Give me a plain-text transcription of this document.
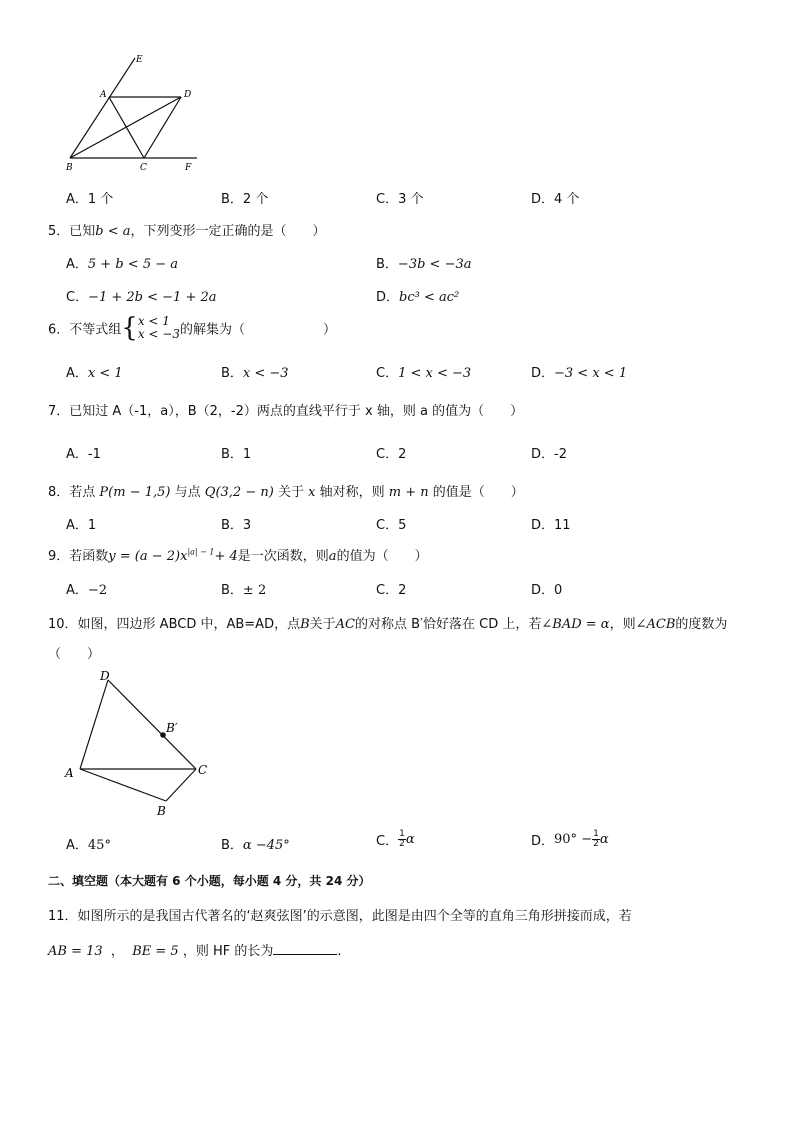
E
A	D
B	C	F
A．1 个	B．2 个	C．3 个	D．4 个
5．已知b < a，下列变形一定正确的是（　　）
A．5 + b < 5 − a	B．−3b < −3a
C．−1 + 2b < −1 + 2a	D．bc³ < ac²
6．不等式组{ x < 1
x < −3 的解集为（　　　　　　）
A．x < 1	B．x < −3	C．1 < x < −3	D．−3 < x < 1
7．已知过 A（-1，a），B（2，-2）两点的直线平行于 x 轴，则 a 的值为（　　）
A．-1	B．1	C．2	D．-2
8．若点 P(m − 1,5) 与点 Q(3,2 − n) 关于 x 轴对称，则 m + n 的值是（　　）
A．1	B．3	C．5	D．11
9．若函数$y = (a - 2)x^{|a| - 1}+ 4$是一次函数，则a的值为（　　）
A．−2	B．± 2	C．2	D．0
10．如图，四边形 ABCD 中，AB=AD，点B关于AC的对称点 B′恰好落在 CD 上，若∠BAD = α，则∠ACB的度数为
（　　）
D
B′
A	C
B
A．45°	B．α −45°	C． $\frac{1}{2}$ α	D．$90^\circ - \frac{1}{2}$ α
二、填空题（本大题有 6 个小题，每小题 4 分，共 24 分）
11．如图所示的是我国古代著名的‘赵爽弦图’的示意图，此图是由四个全等的直角三角形拼接而成，若
AB = 13 ， BE = 5 ，则 HF 的长为	.
